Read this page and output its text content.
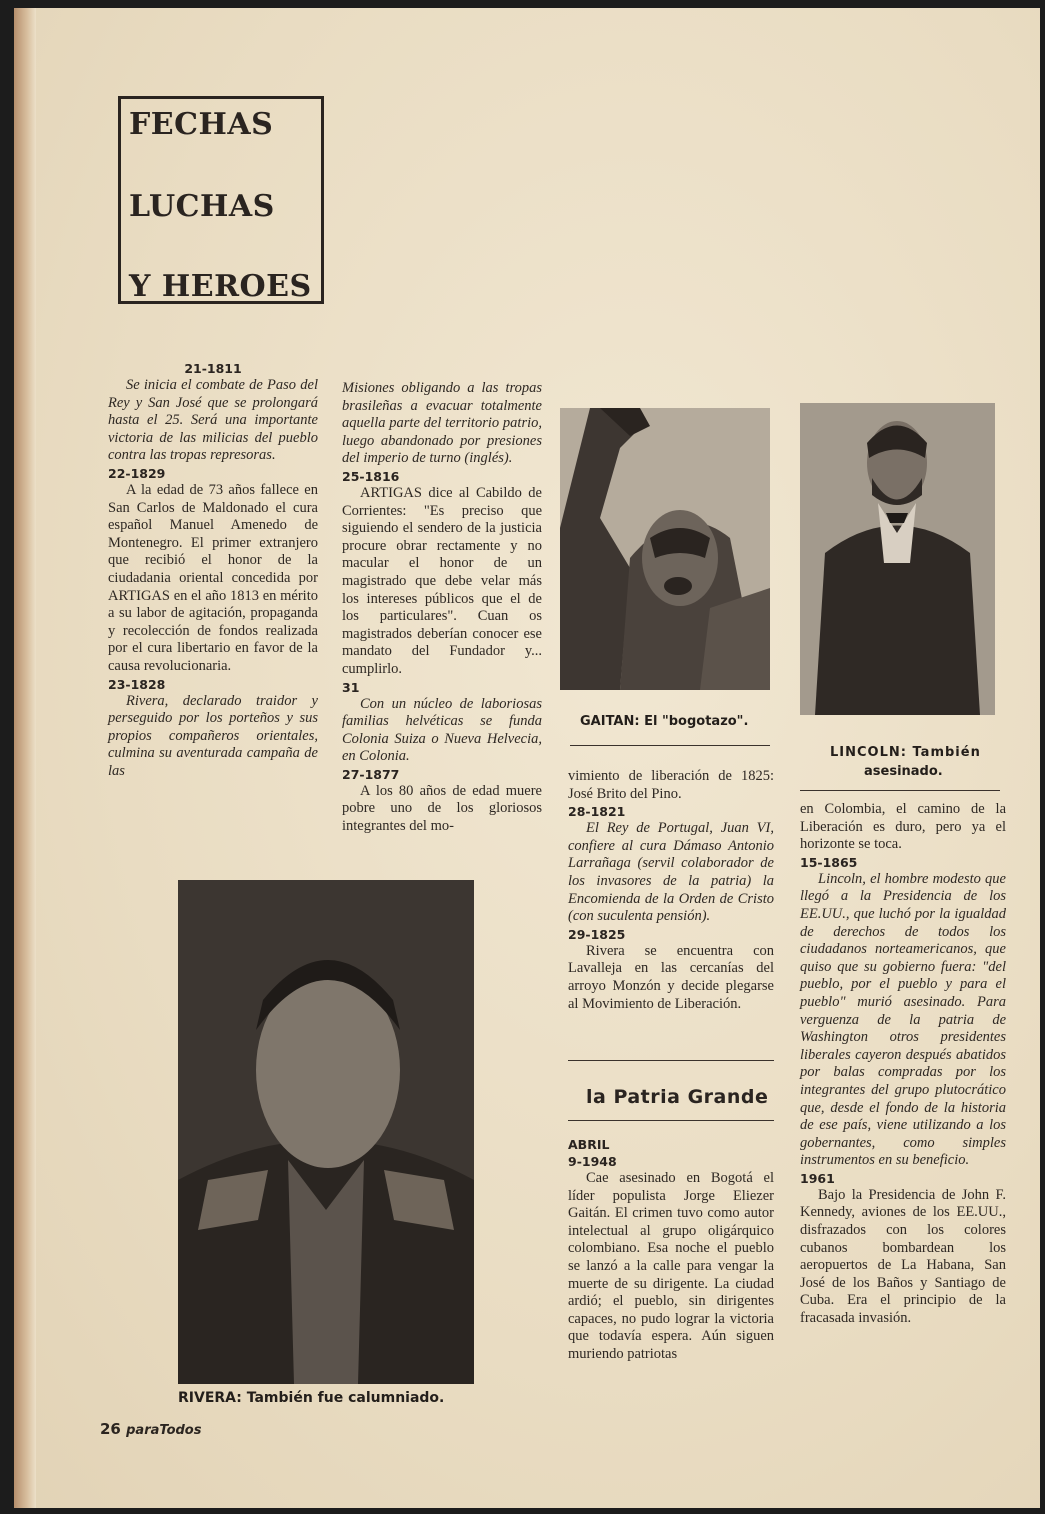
FECHAS
LUCHAS
Y HEROES
21-1811

Se inicia el combate de Paso del Rey y San José que se prolongará hasta el 25. Será una importante victoria de las milicias del pueblo contra las tropas represoras.

22-1829

A la edad de 73 años fallece en San Carlos de Maldonado el cura español Manuel Amenedo de Montenegro. El primer extranjero que recibió el honor de la ciudadania oriental concedida por ARTIGAS en el año 1813 en mérito a su labor de agitación, propaganda y recolección de fondos realizada por el cura libertario en favor de la causa revolucionaria.

23-1828

Rivera, declarado traidor y perseguido por los porteños y sus propios compañeros orientales, culmina su aventurada campaña de las

Misiones obligando a las tropas brasileñas a evacuar totalmente aquella parte del territorio patrio, luego abandonado por presiones del imperio de turno (inglés).

25-1816

ARTIGAS dice al Cabildo de Corrientes: "Es preciso que siguiendo el sendero de la justicia procure obrar rectamente y no macular el honor de un magistrado que debe velar más los intereses públicos que el de los particulares". Cuan os magistrados deberían conocer ese mandato del Fundador y... cumplirlo.

31

Con un núcleo de laboriosas familias helvéticas se funda Colonia Suiza o Nueva Helvecia, en Colonia.

27-1877

A los 80 años de edad muere pobre uno de los gloriosos integrantes del mo-

GAITAN: El "bogotazo".
LINCOLN: También
asesinado.

vimiento de liberación de 1825: José Brito del Pino.

28-1821

El Rey de Portugal, Juan VI, confiere al cura Dámaso Antonio Larrañaga (servil colaborador de los invasores de la patria) la Encomienda de la Orden de Cristo (con suculenta pensión).

29-1825

Rivera se encuentra con Lavalleja en las cercanías del arroyo Monzón y decide plegarse al Movimiento de Liberación.

la Patria Grande
ABRIL
9-1948

Cae asesinado en Bogotá el líder populista Jorge Eliezer Gaitán. El crimen tuvo como autor intelectual al grupo oligárquico colombiano. Esa noche el pueblo se lanzó a la calle para vengar la muerte de su dirigente. La ciudad ardió; el pueblo, sin dirigentes capaces, no pudo lograr la victoria que todavía espera. Aún siguen muriendo patriotas

en Colombia, el camino de la Liberación es duro, pero ya el horizonte se toca.

15-1865

Lincoln, el hombre modesto que llegó a la Presidencia de los EE.UU., que luchó por la igualdad de derechos de todos los ciudadanos norteamericanos, que quiso que su gobierno fuera: "del pueblo, por el pueblo y para el pueblo" murió asesinado. Para verguenza de la patria de Washington otros presidentes liberales cayeron después abatidos por balas compradas por los integrantes del grupo plutocrático que, desde el fondo de la historia de ese país, viene utilizando a los gobernantes, como simples instrumentos en su beneficio.

1961

Bajo la Presidencia de John F. Kennedy, aviones de los EE.UU., disfrazados con los colores cubanos bombardean los aeropuertos de La Habana, San José de los Baños y Santiago de Cuba. Era el principio de la fracasada invasión.

RIVERA: También fue calumniado.
26 paraTodos
